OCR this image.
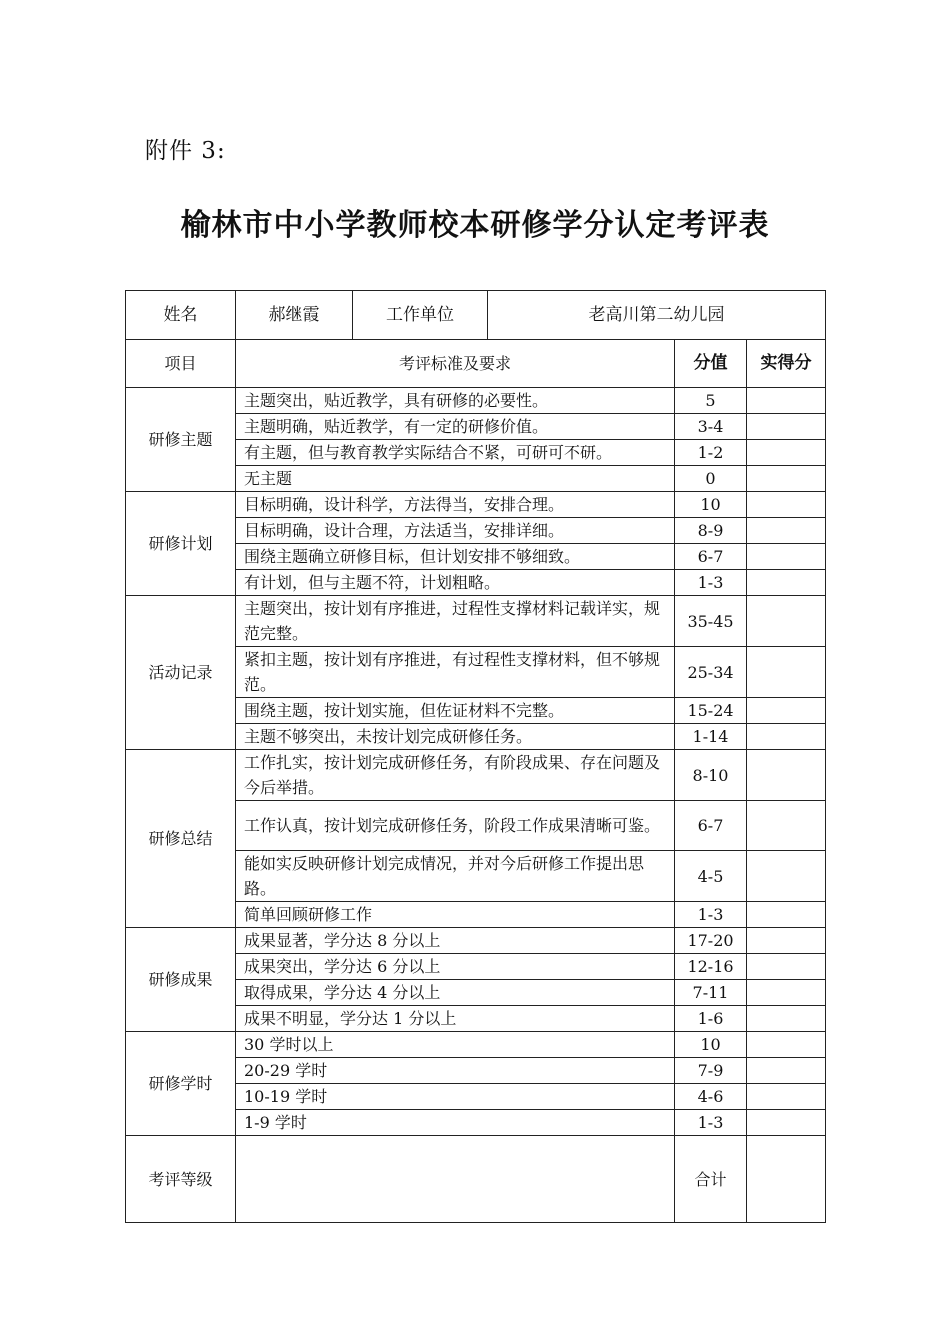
附件 3:
榆林市中小学教师校本研修学分认定考评表
姓名	郝继霞	工作单位	老高川第二幼儿园		
项目	考评标准及要求			分值	实得分
研修主题	主题突出，贴近教学，具有研修的必要性。			5	
	主题明确，贴近教学，有一定的研修价值。			3-4	
	有主题，但与教育教学实际结合不紧，可研可不研。			1-2	
	无主题			0	
研修计划	目标明确，设计科学，方法得当，安排合理。			10	
	目标明确，设计合理，方法适当，安排详细。			8-9	
	围绕主题确立研修目标，但计划安排不够细致。			6-7	
	有计划，但与主题不符，计划粗略。			1-3	
活动记录	主题突出，按计划有序推进，过程性支撑材料记载详实，规范完整。			35-45	
	紧扣主题，按计划有序推进，有过程性支撑材料，但不够规范。			25-34	
	围绕主题，按计划实施，但佐证材料不完整。			15-24	
	主题不够突出，未按计划完成研修任务。			1-14	
研修总结	工作扎实，按计划完成研修任务，有阶段成果、存在问题及今后举措。			8-10	
	工作认真，按计划完成研修任务，阶段工作成果清晰可鉴。			6-7	
	能如实反映研修计划完成情况，并对今后研修工作提出思路。			4-5	
	简单回顾研修工作			1-3	
研修成果	成果显著，学分达 8 分以上			17-20	
	成果突出，学分达 6 分以上			12-16	
	取得成果，学分达 4 分以上			7-11	
	成果不明显，学分达 1 分以上			1-6	
研修学时	30 学时以上			10	
	20-29 学时			7-9	
	10-19 学时			4-6	
	1-9 学时			1-3	
考评等级				合计	
